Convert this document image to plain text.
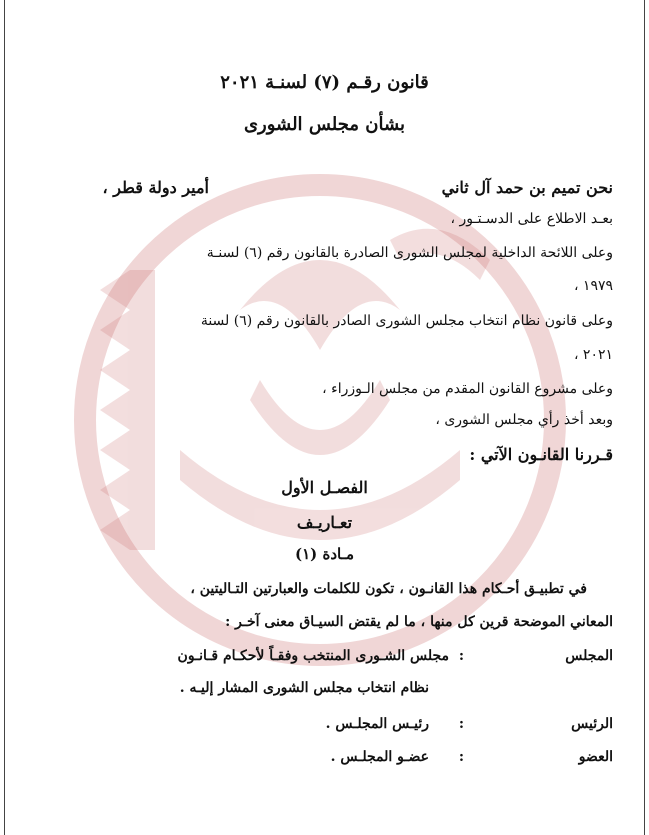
قانون رقـم (٧) لسنـة ٢٠٢١
بشأن مجلس الشورى
نحن تميم بن حمد آل ثاني
أمير دولة قطر ،
بعـد الاطلاع على الدسـتـور ،
وعلى اللائحة الداخلية لمجلس الشورى الصادرة بالقانون رقم (٦) لسنـة
١٩٧٩ ،
وعلى قانون نظام انتخاب مجلس الشورى الصادر بالقانون رقم (٦) لسنة
٢٠٢١ ،
وعلى مشروع القانون المقدم من مجلس الـوزراء ،
وبعد أخذ رأي مجلس الشورى ،
قـررنا القانـون الآتي :
الفصـل الأول
تعـاريـف
مـادة (١)
في تطبيـق أحـكام هذا القانـون ، تكون للكلمات والعبارتين التـاليتين ،
المعاني الموضحة قرين كل منها ، ما لم يقتض السيـاق معنى آخـر :
المجلس
:
مجلس الشـورى المنتخب وفقـاً لأحكـام قـانـون
نظام انتخاب مجلس الشورى المشار إليـه .
الرئيس
:
رئيـس المجلـس .
العضو
:
عضـو المجلـس .
